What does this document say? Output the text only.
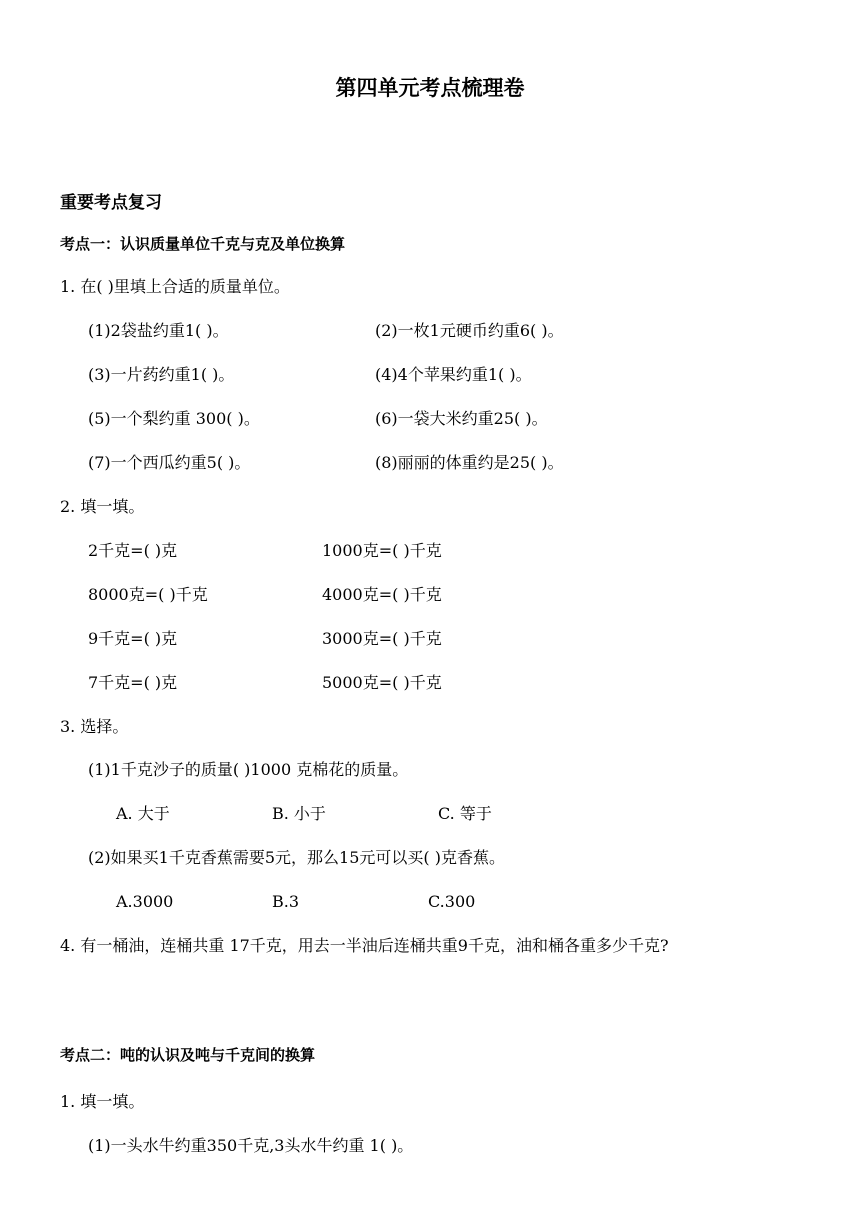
第四单元考点梳理卷
重要考点复习
考点一：认识质量单位千克与克及单位换算
1. 在( )里填上合适的质量单位。
(1)2袋盐约重1( )。	(2)一枚1元硬币约重6( )。
(3)一片药约重1( )。	(4)4个苹果约重1( )。
(5)一个梨约重 300( )。	(6)一袋大米约重25( )。
(7)一个西瓜约重5( )。	(8)丽丽的体重约是25( )。
2. 填一填。
2千克=( )克	1000克=( )千克
8000克=( )千克	4000克=( )千克
9千克=( )克	3000克=( )千克
7千克=( )克	5000克=( )千克
3. 选择。
(1)1千克沙子的质量( )1000 克棉花的质量。
A. 大于	B. 小于	C. 等于
(2)如果买1千克香蕉需要5元，那么15元可以买( )克香蕉。
A.3000	B.3	C.300
4. 有一桶油，连桶共重 17千克，用去一半油后连桶共重9千克，油和桶各重多少千克?
考点二：吨的认识及吨与千克间的换算
1. 填一填。
(1)一头水牛约重350千克,3头水牛约重 1( )。
